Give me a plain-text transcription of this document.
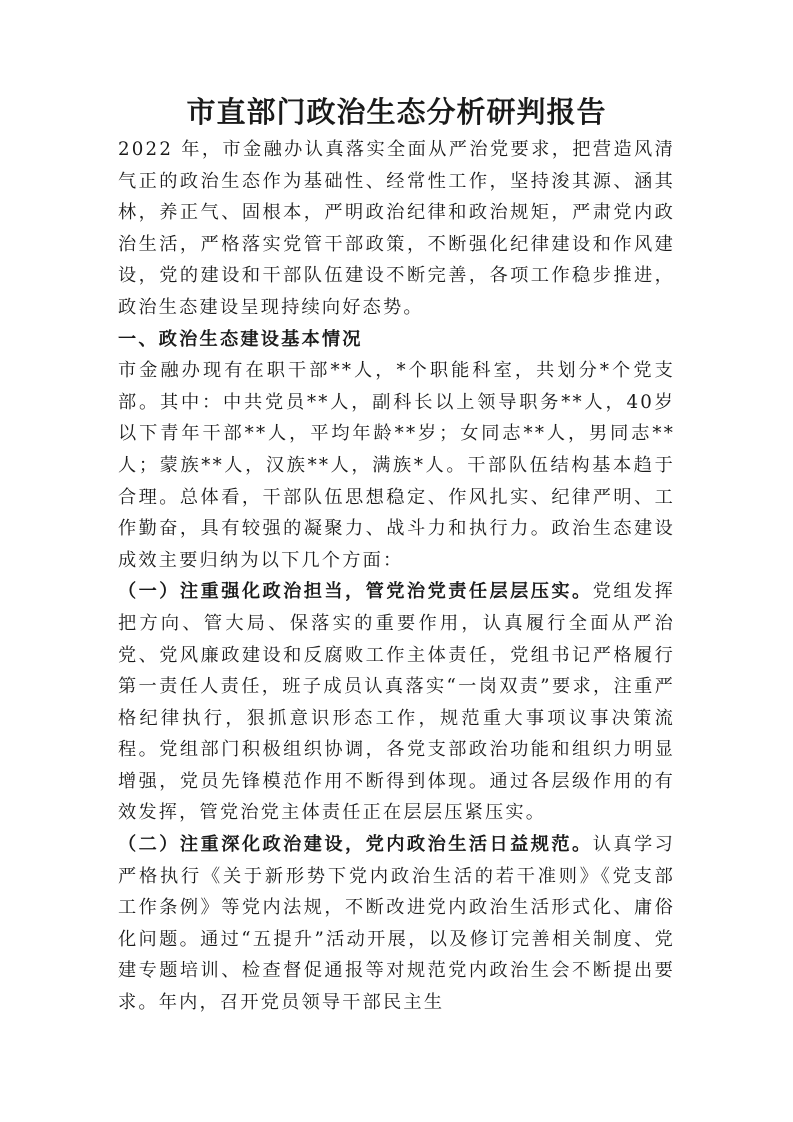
市直部门政治生态分析研判报告

2022 年，市金融办认真落实全面从严治党要求，把营造风清气正的政治生态作为基础性、经常性工作，坚持浚其源、涵其林，养正气、固根本，严明政治纪律和政治规矩，严肃党内政治生活，严格落实党管干部政策，不断强化纪律建设和作风建设，党的建设和干部队伍建设不断完善，各项工作稳步推进，政治生态建设呈现持续向好态势。

一、政治生态建设基本情况

市金融办现有在职干部**人，*个职能科室，共划分*个党支部。其中：中共党员**人，副科长以上领导职务**人，40岁以下青年干部**人，平均年龄**岁；女同志**人，男同志**人；蒙族**人，汉族**人，满族*人。干部队伍结构基本趋于合理。总体看，干部队伍思想稳定、作风扎实、纪律严明、工作勤奋，具有较强的凝聚力、战斗力和执行力。政治生态建设成效主要归纳为以下几个方面：

（一）注重强化政治担当，管党治党责任层层压实。党组发挥把方向、管大局、保落实的重要作用，认真履行全面从严治党、党风廉政建设和反腐败工作主体责任，党组书记严格履行第一责任人责任，班子成员认真落实“一岗双责”要求，注重严格纪律执行，狠抓意识形态工作，规范重大事项议事决策流程。党组部门积极组织协调，各党支部政治功能和组织力明显增强，党员先锋模范作用不断得到体现。通过各层级作用的有效发挥，管党治党主体责任正在层层压紧压实。

（二）注重深化政治建设，党内政治生活日益规范。认真学习严格执行《关于新形势下党内政治生活的若干准则》《党支部工作条例》等党内法规，不断改进党内政治生活形式化、庸俗化问题。通过“五提升”活动开展，以及修订完善相关制度、党建专题培训、检查督促通报等对规范党内政治生会不断提出要求。年内，召开党员领导干部民主生
